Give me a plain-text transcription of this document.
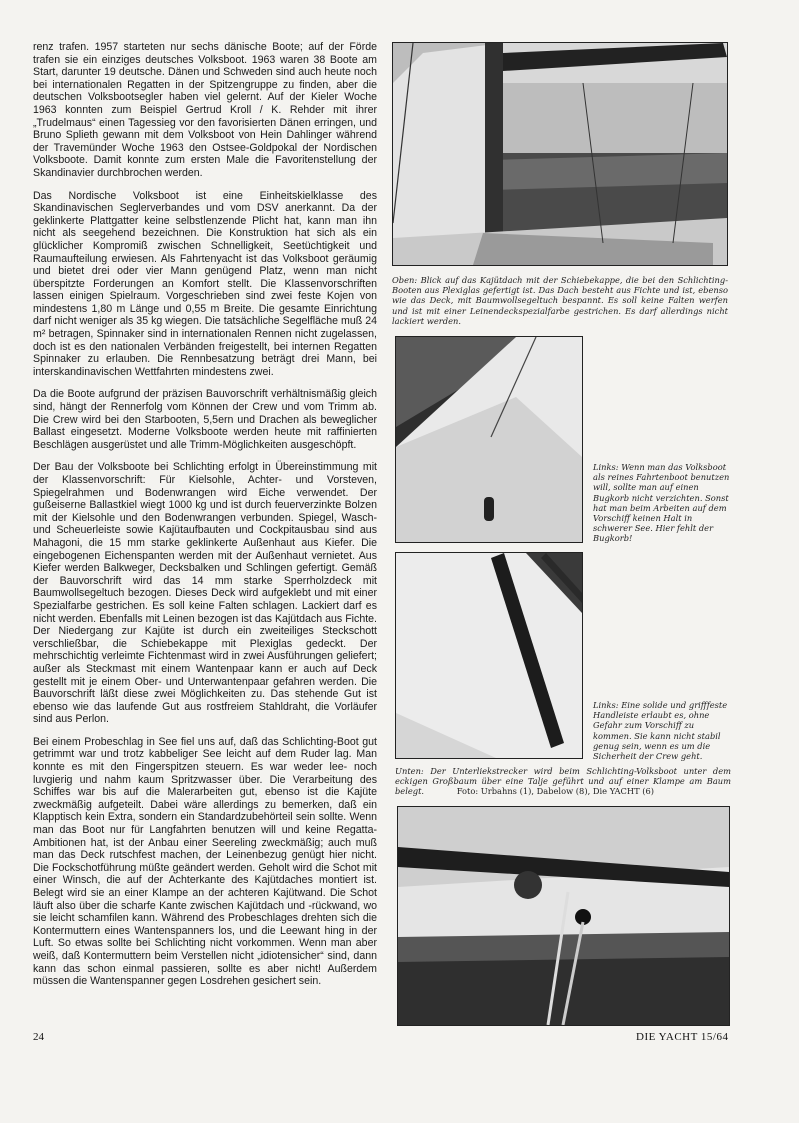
renz trafen. 1957 starteten nur sechs dänische Boote; auf der Förde trafen sie ein einziges deutsches Volksboot. 1963 waren 38 Boote am Start, darunter 19 deutsche. Dänen und Schweden sind auch heute noch bei internationalen Regatten in der Spitzengruppe zu finden, aber die deutschen Volksbootsegler haben viel gelernt. Auf der Kieler Woche 1963 konnten zum Beispiel Gertrud Kroll / K. Rehder mit ihrer „Trudelmaus“ einen Tagessieg vor den favorisierten Dänen erringen, und Bruno Splieth gewann mit dem Volksboot von Hein Dahlinger während der Travemünder Woche 1963 den Ostsee-Goldpokal der Nordischen Volksboote. Damit konnte zum ersten Male die Favoritenstellung der Skandinavier durchbrochen werden.

Das Nordische Volksboot ist eine Einheitskielklasse des Skandinavischen Seglerverbandes und vom DSV anerkannt. Da der geklinkerte Plattgatter keine selbstlenzende Plicht hat, kann man ihn nicht als seegehend bezeichnen. Die Konstruktion hat sich als ein glücklicher Kompromiß zwischen Schnelligkeit, Seetüchtigkeit und Raumaufteilung erwiesen. Als Fahrtenyacht ist das Volksboot geräumig und bietet drei oder vier Mann genügend Platz, wenn man nicht überspitzte Forderungen an Komfort stellt. Die Klassenvorschriften lassen einigen Spielraum. Vorgeschrieben sind zwei feste Kojen von mindestens 1,80 m Länge und 0,55 m Breite. Die gesamte Einrichtung darf nicht weniger als 35 kg wiegen. Die tatsächliche Segelfläche muß 24 m² betragen, Spinnaker sind in internationalen Rennen nicht zugelassen, doch ist es den nationalen Verbänden freigestellt, bei internen Regatten Spinnaker zu erlauben. Die Rennbesatzung beträgt drei Mann, bei interskandinavischen Wettfahrten mindestens zwei.

Da die Boote aufgrund der präzisen Bauvorschrift verhältnismäßig gleich sind, hängt der Rennerfolg vom Können der Crew und vom Trimm ab. Die Crew wird bei den Starbooten, 5,5ern und Drachen als beweglicher Ballast eingesetzt. Moderne Volksboote werden heute mit raffinierten Beschlägen ausgerüstet und alle Trimm-Möglichkeiten ausgeschöpft.

Der Bau der Volksboote bei Schlichting erfolgt in Übereinstimmung mit der Klassenvorschrift: Für Kielsohle, Achter- und Vorsteven, Spiegelrahmen und Bodenwrangen wird Eiche verwendet. Der gußeiserne Ballastkiel wiegt 1000 kg und ist durch feuerverzinkte Bolzen mit der Kielsohle und den Bodenwrangen verbunden. Spiegel, Wasch- und Scheuerleiste sowie Kajütaufbauten und Cockpitausbau sind aus Mahagoni, die 15 mm starke geklinkerte Außenhaut aus Kiefer. Die eingebogenen Eichenspanten werden mit der Außenhaut vernietet. Aus Kiefer werden Balkweger, Decksbalken und Schlingen gefertigt. Gemäß der Bauvorschrift wird das 14 mm starke Sperrholzdeck mit Baumwollsegeltuch bezogen. Dieses Deck wird aufgeklebt und mit einer Spezialfarbe gestrichen. Es soll keine Falten schlagen. Lackiert darf es nicht werden. Ebenfalls mit Leinen bezogen ist das Kajütdach aus Fichte. Der Niedergang zur Kajüte ist durch ein zweiteiliges Steckschott verschließbar, die Schiebekappe mit Plexiglas gedeckt. Der mehrschichtig verleimte Fichtenmast wird in zwei Ausführungen geliefert; außer als Steckmast mit einem Wantenpaar kann er auch auf Deck gestellt mit je einem Ober- und Unterwantenpaar gefahren werden. Die Bauvorschrift läßt diese zwei Möglichkeiten zu. Das stehende Gut ist ebenso wie das laufende Gut aus rostfreiem Stahldraht, die Vorläufer sind aus Perlon.

Bei einem Probeschlag in See fiel uns auf, daß das Schlichting-Boot gut getrimmt war und trotz kabbeliger See leicht auf dem Ruder lag. Man konnte es mit den Fingerspitzen steuern. Es war weder lee- noch luvgierig und nahm kaum Spritzwasser über. Die Verarbeitung des Schiffes war bis auf die Malerarbeiten gut, ebenso ist die Kajüte zweckmäßig aufgeteilt. Dabei wäre allerdings zu bemerken, daß ein Klapptisch kein Extra, sondern ein Standardzubehörteil sein sollte. Wenn man das Boot nur für Langfahrten benutzen will und keine Regatta-Ambitionen hat, ist der Anbau einer Seereling zweckmäßig; auch muß man das Deck rutschfest machen, der Leinenbezug genügt hier nicht. Die Fockschotführung müßte geändert werden. Geholt wird die Schot mit einer Winsch, die auf der Achterkante des Kajütdaches montiert ist. Belegt wird sie an einer Klampe an der achteren Kajütwand. Die Schot läuft also über die scharfe Kante zwischen Kajütdach und -rückwand, wo sie leicht schamfilen kann. Während des Probeschlages drehten sich die Kontermuttern eines Wantenspanners los, und die Leewant hing in der Luft. So etwas sollte bei Schlichting nicht vorkommen. Wenn man aber weiß, daß Kontermuttern beim Verstellen nicht „idiotensicher“ sind, dann kann das schon einmal passieren, sollte es aber nicht! Außerdem müssen die Wantenspanner gegen Losdrehen gesichert sein.

Oben: Blick auf das Kajütdach mit der Schiebekappe, die bei den Schlichting-Booten aus Plexiglas gefertigt ist. Das Dach besteht aus Fichte und ist, ebenso wie das Deck, mit Baumwollsegeltuch bespannt. Es soll keine Falten werfen und ist mit einer Leinendeckspezialfarbe gestrichen. Es darf allerdings nicht lackiert werden.

Links: Wenn man das Volksboot als reines Fahrtenboot benutzen will, sollte man auf einen Bugkorb nicht verzichten. Sonst hat man beim Arbeiten auf dem Vorschiff keinen Halt in schwerer See. Hier fehlt der Bugkorb!

Links: Eine solide und grifffeste Handleiste erlaubt es, ohne Gefahr zum Vorschiff zu kommen. Sie kann nicht stabil genug sein, wenn es um die Sicherheit der Crew geht.

Unten: Der Unterliekstrecker wird beim Schlichting-Volksboot unter dem eckigen Großbaum über eine Talje geführt und auf einer Klampe am Baum belegt.	Foto: Urbahns (1), Dabelow (8), Die YACHT (6)

24	DIE YACHT 15/64
